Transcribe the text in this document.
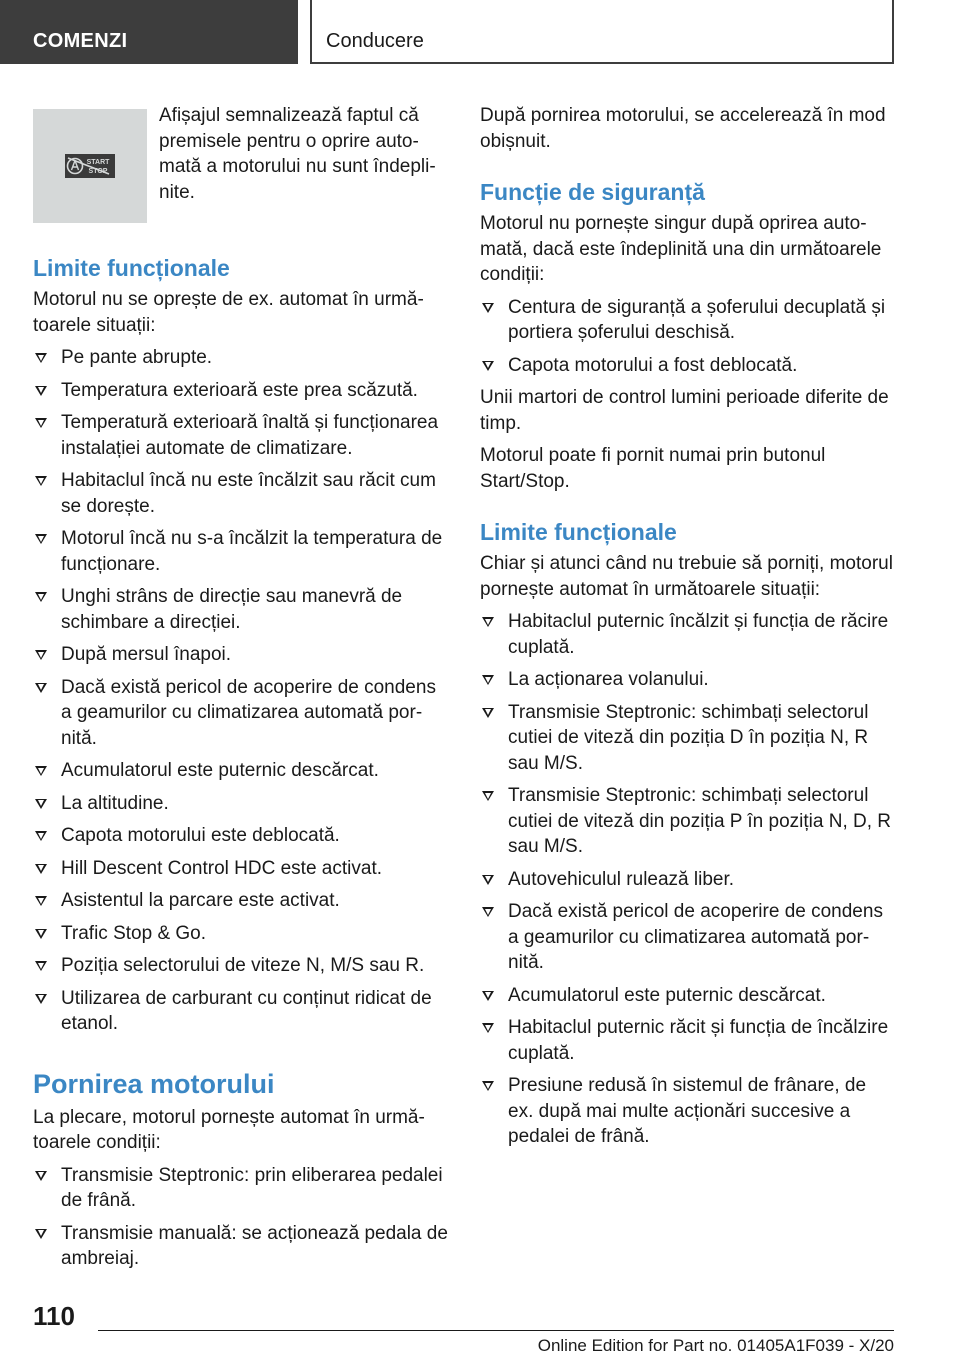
COMENZI	Conducere
START
STOP
Afișajul semnalizează faptul că premisele pentru o oprire automată a motorului nu sunt îndeplinite.
Limite funcționale

Motorul nu se oprește de ex. automat în următoarele situații:

Pe pante abrupte.
Temperatura exterioară este prea scăzută.
Temperatură exterioară înaltă și funcționarea instalației automate de climatizare.
Habitaclul încă nu este încălzit sau răcit cum se dorește.
Motorul încă nu s-a încălzit la temperatura de funcționare.
Unghi strâns de direcție sau manevră de schimbare a direcției.
După mersul înapoi.
Dacă există pericol de acoperire de condens a geamurilor cu climatizarea automată pornită.
Acumulatorul este puternic descărcat.
La altitudine.
Capota motorului este deblocată.
Hill Descent Control HDC este activat.
Asistentul la parcare este activat.
Trafic Stop & Go.
Poziția selectorului de viteze N, M/S sau R.
Utilizarea de carburant cu conținut ridicat de etanol.
Pornirea motorului

La plecare, motorul pornește automat în următoarele condiții:

Transmisie Steptronic: prin eliberarea pedalei de frână.
Transmisie manuală: se acționează pedala de ambreiaj.

După pornirea motorului, se accelerează în mod obișnuit.

Funcție de siguranță

Motorul nu pornește singur după oprirea automată, dacă este îndeplinită una din următoarele condiții:

Centura de siguranță a șoferului decuplată și portiera șoferului deschisă.
Capota motorului a fost deblocată.

Unii martori de control lumini perioade diferite de timp.

Motorul poate fi pornit numai prin butonul Start/Stop.

Limite funcționale

Chiar și atunci când nu trebuie să porniți, motorul pornește automat în următoarele situații:

Habitaclul puternic încălzit și funcția de răcire cuplată.
La acționarea volanului.
Transmisie Steptronic: schimbați selectorul cutiei de viteză din poziția D în poziția N, R sau M/S.
Transmisie Steptronic: schimbați selectorul cutiei de viteză din poziția P în poziția N, D, R sau M/S.
Autovehiculul rulează liber.
Dacă există pericol de acoperire de condens a geamurilor cu climatizarea automată pornită.
Acumulatorul este puternic descărcat.
Habitaclul puternic răcit și funcția de încălzire cuplată.
Presiune redusă în sistemul de frânare, de ex. după mai multe acționări succesive a pedalei de frână.
110
Online Edition for Part no. 01405A1F039 - X/20
